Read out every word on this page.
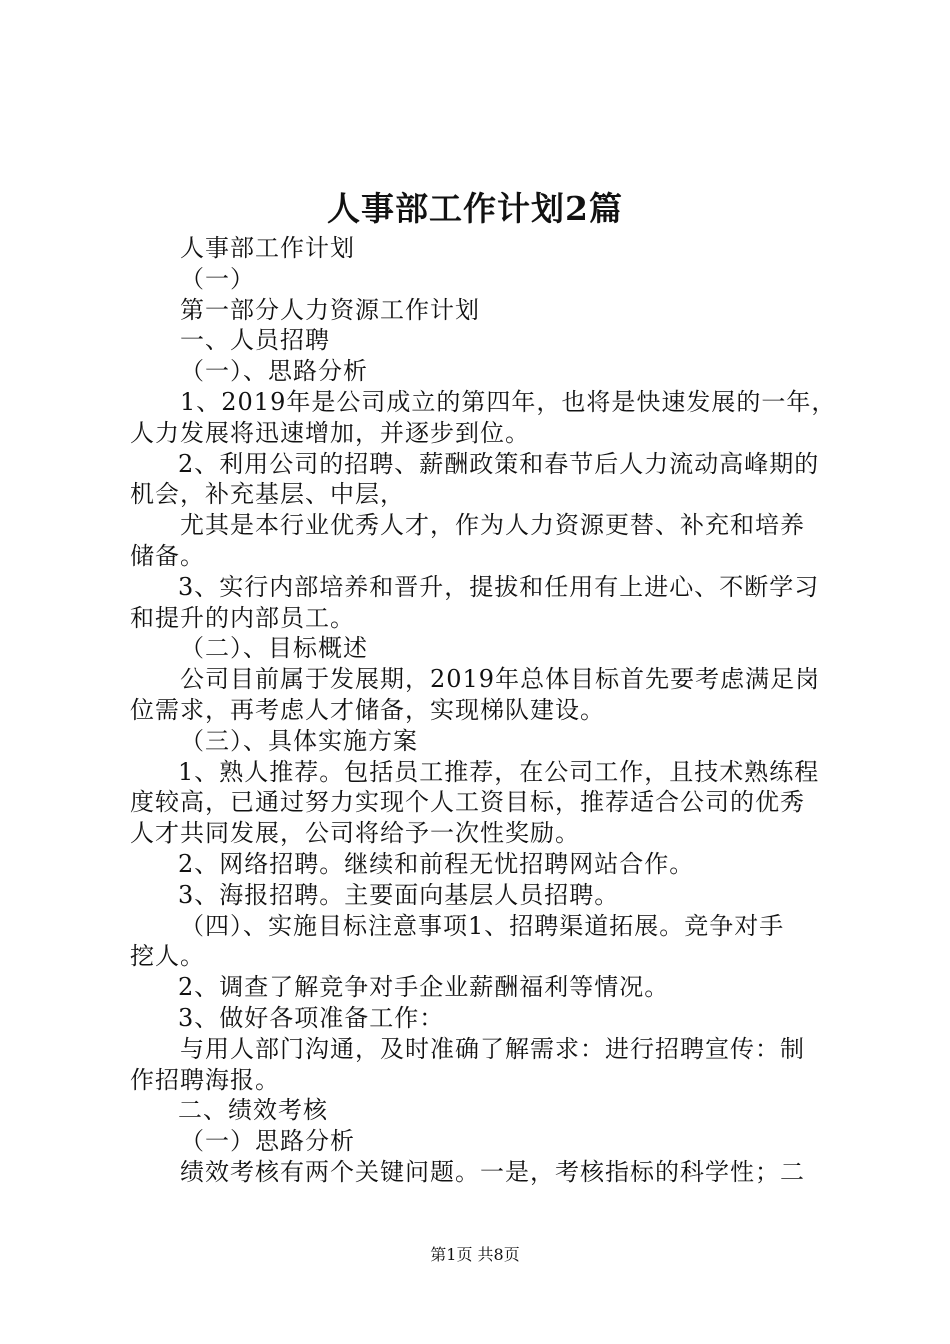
人事部工作计划2篇
人事部工作计划
（一）
第一部分人力资源工作计划
一、人员招聘
（一）、思路分析
1、2019年是公司成立的第四年，也将是快速发展的一年，
人力发展将迅速增加，并逐步到位。
2、利用公司的招聘、薪酬政策和春节后人力流动高峰期的
机会，补充基层、中层，
尤其是本行业优秀人才，作为人力资源更替、补充和培养
储备。
3、实行内部培养和晋升，提拔和任用有上进心、不断学习
和提升的内部员工。
（二）、目标概述
公司目前属于发展期，2019年总体目标首先要考虑满足岗
位需求，再考虑人才储备，实现梯队建设。
（三）、具体实施方案
1、熟人推荐。包括员工推荐，在公司工作，且技术熟练程
度较高，已通过努力实现个人工资目标，推荐适合公司的优秀
人才共同发展，公司将给予一次性奖励。
2、网络招聘。继续和前程无忧招聘网站合作。
3、海报招聘。主要面向基层人员招聘。
（四）、实施目标注意事项1、招聘渠道拓展。竞争对手
挖人。
2、调查了解竞争对手企业薪酬福利等情况。
3、做好各项准备工作：
与用人部门沟通，及时准确了解需求：进行招聘宣传：制
作招聘海报。
二、绩效考核
（一）思路分析
绩效考核有两个关键问题。一是，考核指标的科学性；二
第1页 共8页
